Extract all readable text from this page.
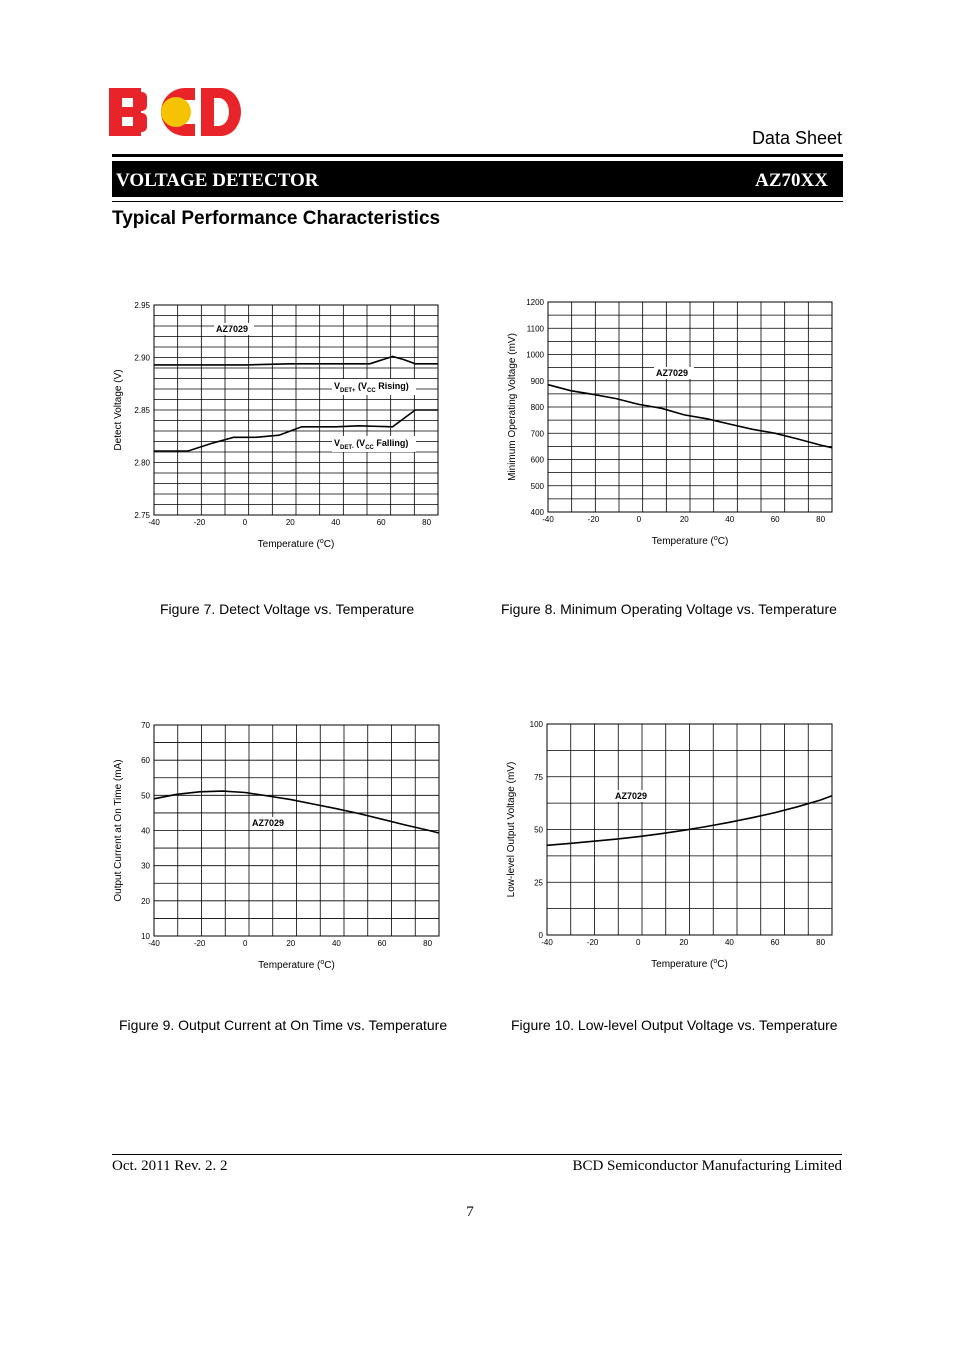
Data Sheet
VOLTAGE DETECTOR	AZ70XX
Typical Performance Characteristics
-40	-20	0	20	40	60	80
2.75
2.80
2.85
2.90
2.95
Temperature ($^o$C)
Detect Voltage (V)
AZ7029
$V_{DET+}$ ($V_{CC}$ Rising)
$V_{DET-}$ ($V_{CC}$ Falling)
-40	-20	0	20	40	60	80
400
500
600
700
800
900
1000
1100
1200
Temperature ($^o$C)
Minimum Operating Voltage (mV)	AZ7029
-40	-20	0	20	40	60	80
10
20
30
40
50
60
70
Temperature ($^o$C)
Output Current at On Time (mA)	AZ7029
-40	-20	0	20	40	60	80
0
25
50
75
100
Temperature ($^o$C)
Low-level Output Voltage (mV)	AZ7029
Figure 7. Detect Voltage vs. Temperature	Figure 8. Minimum Operating Voltage vs. Temperature
Figure 9. Output Current at On Time vs. Temperature	Figure 10. Low-level Output Voltage vs. Temperature
Oct. 2011 Rev. 2. 2	BCD Semiconductor Manufacturing Limited
7
